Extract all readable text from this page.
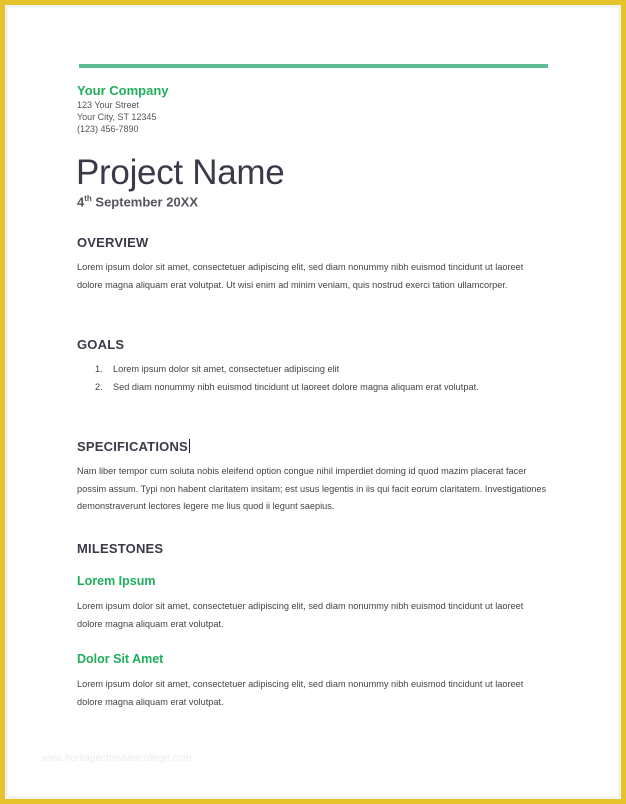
Your Company
123 Your Street
Your City, ST 12345
(123) 456-7890
Project Name
4th September 20XX
OVERVIEW
Lorem ipsum dolor sit amet, consectetuer adipiscing elit, sed diam nonummy nibh euismod tincidunt ut laoreet dolore magna aliquam erat volutpat. Ut wisi enim ad minim veniam, quis nostrud exerci tation ullamcorper.
GOALS
1. Lorem ipsum dolor sit amet, consectetuer adipiscing elit
2. Sed diam nonummy nibh euismod tincidunt ut laoreet dolore magna aliquam erat volutpat.
SPECIFICATIONS
Nam liber tempor cum soluta nobis eleifend option congue nihil imperdiet doming id quod mazim placerat facer possim assum. Typi non habent claritatem insitam; est usus legentis in iis qui facit eorum claritatem. Investigationes demonstraverunt lectores legere me lius quod ii legunt saepius.
MILESTONES
Lorem Ipsum
Lorem ipsum dolor sit amet, consectetuer adipiscing elit, sed diam nonummy nibh euismod tincidunt ut laoreet dolore magna aliquam erat volutpat.
Dolor Sit Amet
Lorem ipsum dolor sit amet, consectetuer adipiscing elit, sed diam nonummy nibh euismod tincidunt ut laoreet dolore magna aliquam erat volutpat.
www.heritagechristiancollege.com
